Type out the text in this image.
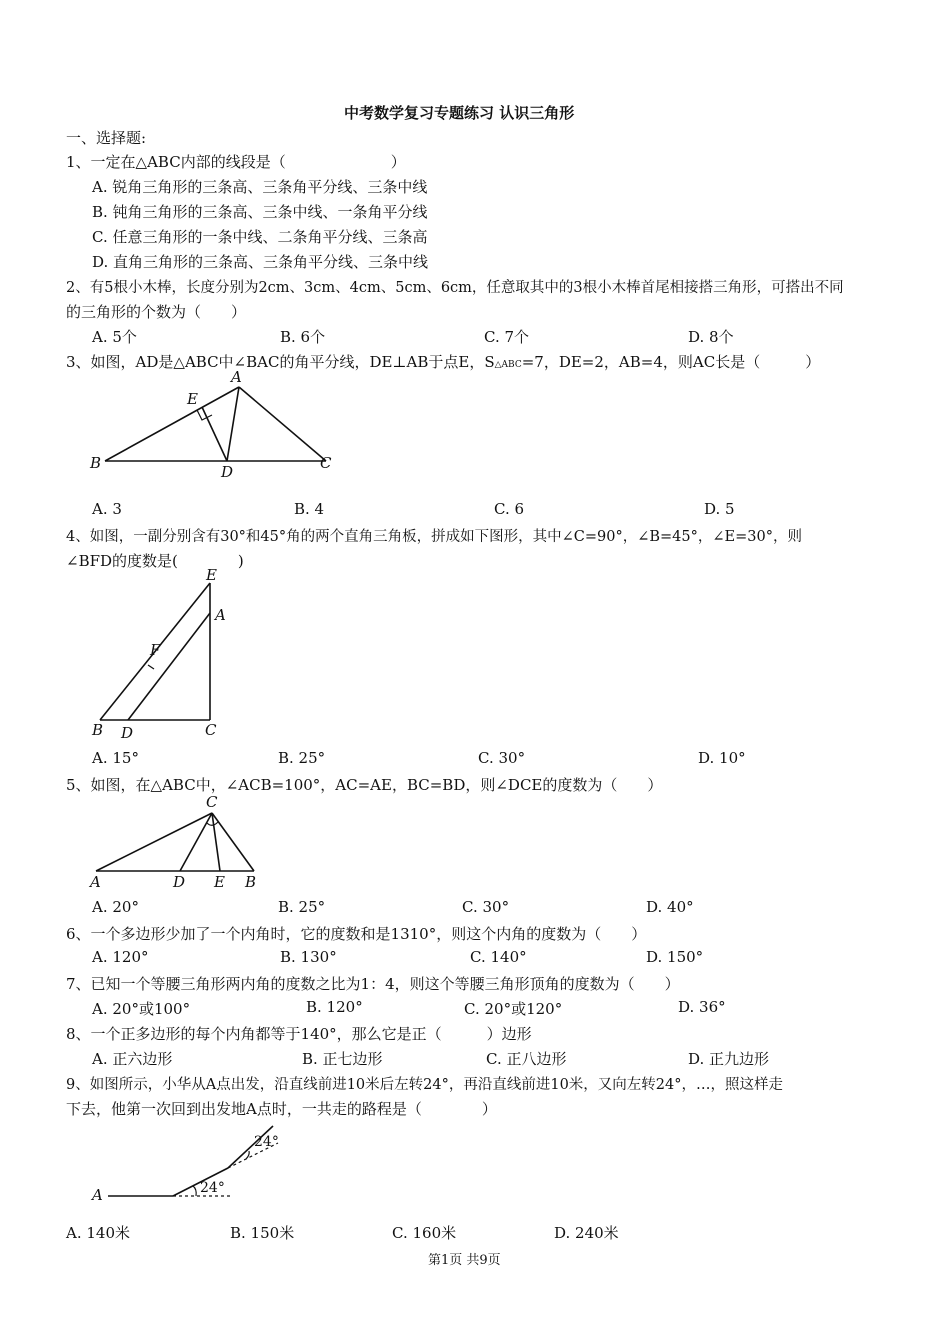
中考数学复习专题练习 认识三角形
一、选择题:
1、一定在△ABC内部的线段是（　　　　　　　）
A. 锐角三角形的三条高、三条角平分线、三条中线
B. 钝角三角形的三条高、三条中线、一条角平分线
C. 任意三角形的一条中线、二条角平分线、三条高
D. 直角三角形的三条高、三条角平分线、三条中线
2、有5根小木棒，长度分别为2cm、3cm、4cm、5cm、6cm，任意取其中的3根小木棒首尾相接搭三角形，可搭出不同
的三角形的个数为（　　）
A. 5个	B. 6个	C. 7个	D. 8个
3、如图，AD是△ABC中∠BAC的角平分线，DE⊥AB于点E，S△ABC=7，DE=2，AB=4，则AC长是（　　　）
A
B	C
D
E
A. 3	B. 4	C. 6	D. 5
4、如图，一副分别含有30°和45°角的两个直角三角板，拼成如下图形，其中∠C=90°，∠B=45°，∠E=30°，则
∠BFD的度数是(　　　　)
E
A
F
B D	C
A. 15°	B. 25°	C. 30°	D. 10°
5、如图，在△ABC中，∠ACB=100°，AC=AE，BC=BD，则∠DCE的度数为（　　）
C
A	D E B
A. 20°	B. 25°	C. 30°	D. 40°
6、一个多边形少加了一个内角时，它的度数和是1310°，则这个内角的度数为（　　）
A. 120°	B. 130°	C. 140°	D. 150°
7、已知一个等腰三角形两内角的度数之比为1：4，则这个等腰三角形顶角的度数为（　　）
A. 20°或100°	B. 120°	C. 20°或120°	D. 36°
8、一个正多边形的每个内角都等于140°，那么它是正（　　　）边形
A. 正六边形	B. 正七边形	C. 正八边形	D. 正九边形
9、如图所示，小华从A点出发，沿直线前进10米后左转24°，再沿直线前进10米，又向左转24°，…，照这样走
下去，他第一次回到出发地A点时，一共走的路程是（　　　　）
A	24°
24°
A. 140米	B. 150米	C. 160米	D. 240米
第1页 共9页
